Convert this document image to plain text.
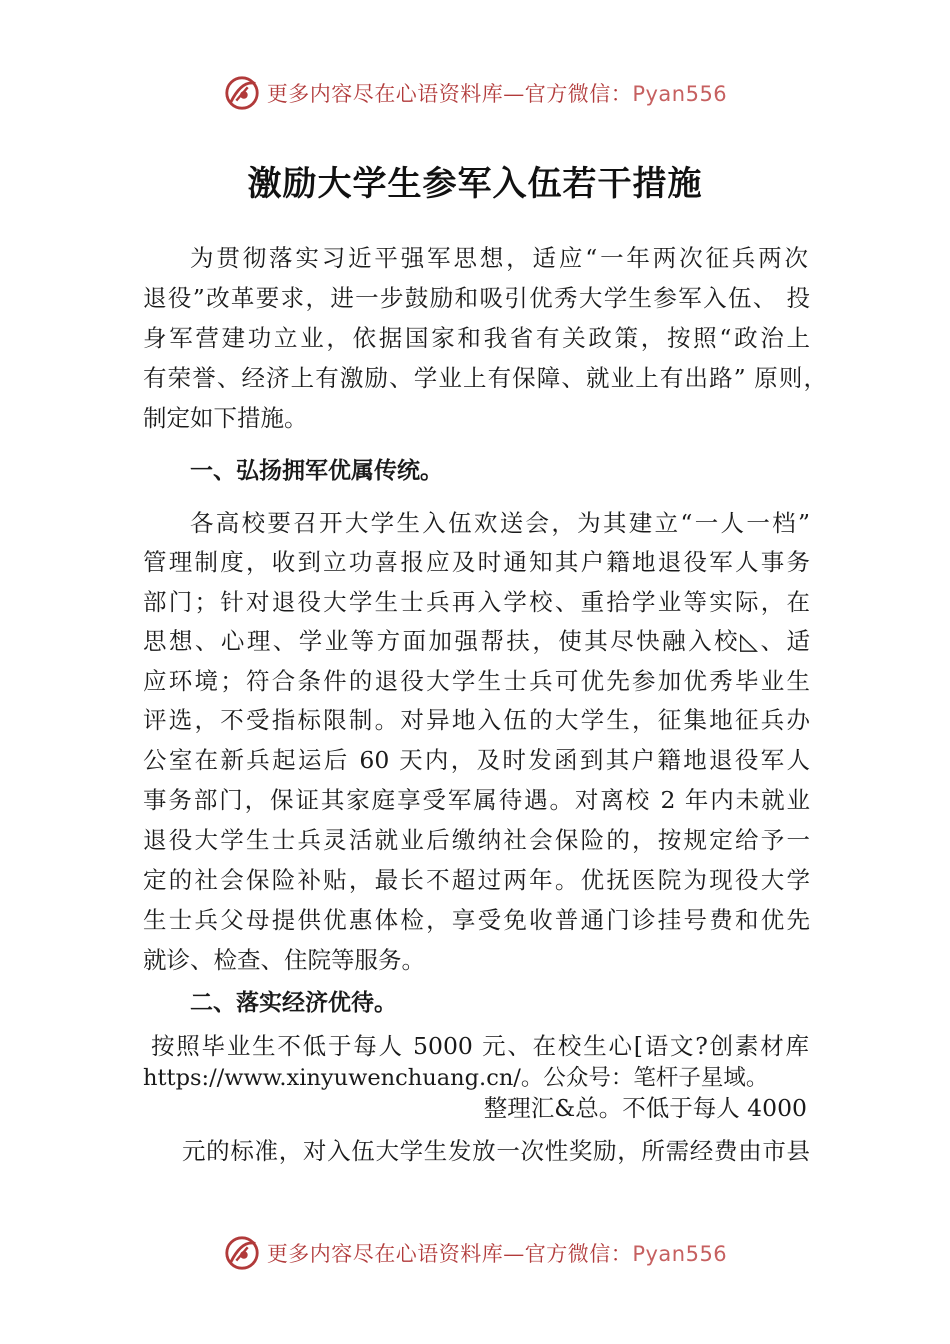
更多内容尽在心语资料库—官方微信：Pyan556
激励大学生参军入伍若干措施
为贯彻落实习近平强军思想，适应“一年两次征兵两次
退役”改革要求，进一步鼓励和吸引优秀大学生参军入伍、 投
身军营建功立业，依据国家和我省有关政策，按照“政治上
有荣誉、经济上有激励、学业上有保障、就业上有出路” 原则，
制定如下措施。
一、弘扬拥军优属传统。
各高校要召开大学生入伍欢送会，为其建立“一人一档”
管理制度，收到立功喜报应及时通知其户籍地退役军人事务
部门；针对退役大学生士兵再入学校、重拾学业等实际，在
思想、心理、学业等方面加强帮扶，使其尽快融入校◺、适
应环境；符合条件的退役大学生士兵可优先参加优秀毕业生
评选，不受指标限制。对异地入伍的大学生，征集地征兵办
公室在新兵起运后 60 天内，及时发函到其户籍地退役军人
事务部门，保证其家庭享受军属待遇。对离校 2 年内未就业
退役大学生士兵灵活就业后缴纳社会保险的，按规定给予一
定的社会保险补贴，最长不超过两年。优抚医院为现役大学
生士兵父母提供优惠体检，享受免收普通门诊挂号费和优先
就诊、检查、住院等服务。
二、落实经济优待。
按照毕业生不低于每人 5000 元、在校生心[语文?创素材库
https://www.xinyuwenchuang.cn/。公众号：笔杆子星域。
整理汇&总。不低于每人 4000
元的标准，对入伍大学生发放一次性奖励，所需经费由市县
更多内容尽在心语资料库—官方微信：Pyan556
